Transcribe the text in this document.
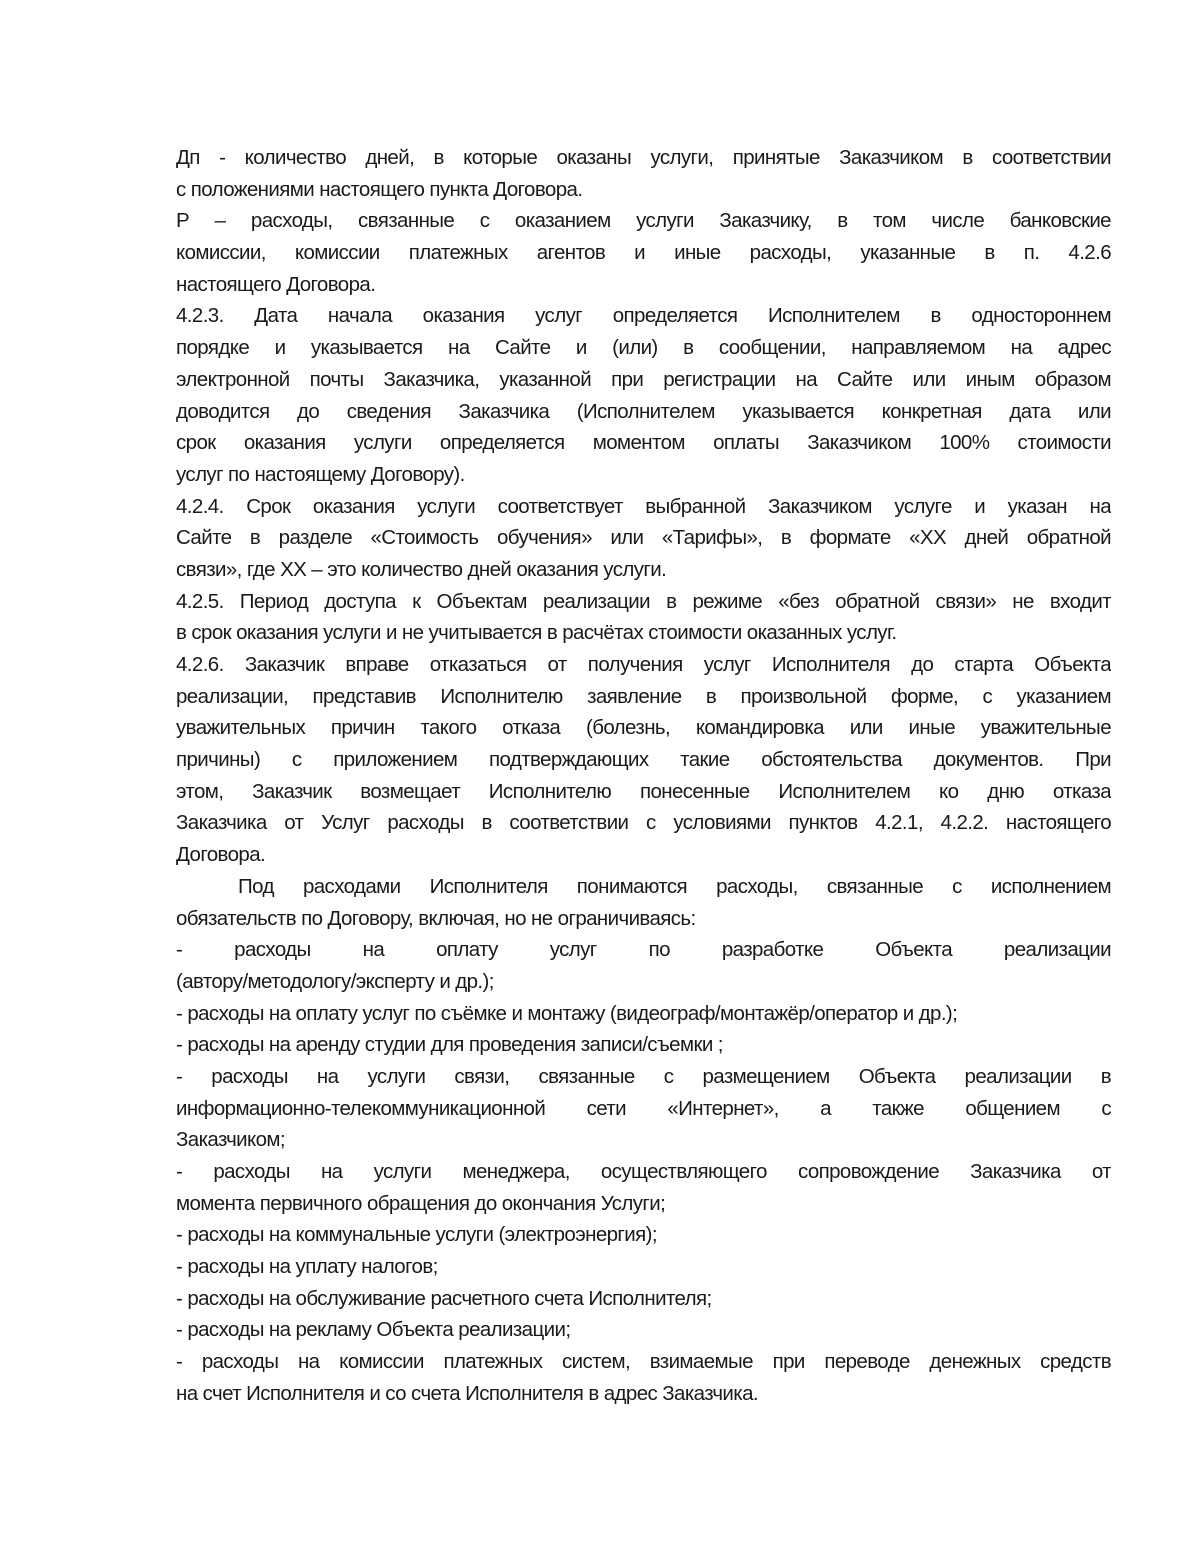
Дп - количество дней, в которые оказаны услуги, принятые Заказчиком в соответствии
с положениями настоящего пункта Договора.
Р – расходы, связанные с оказанием услуги Заказчику, в том числе банковские
комиссии, комиссии платежных агентов и иные расходы, указанные в п. 4.2.6
настоящего Договора.
4.2.3. Дата начала оказания услуг определяется Исполнителем в одностороннем
порядке и указывается на Сайте и (или) в сообщении, направляемом на адрес
электронной почты Заказчика, указанной при регистрации на Сайте или иным образом
доводится до сведения Заказчика (Исполнителем указывается конкретная дата или
срок оказания услуги определяется моментом оплаты Заказчиком 100% стоимости
услуг по настоящему Договору).
4.2.4. Срок оказания услуги соответствует выбранной Заказчиком услуге и указан на
Сайте в разделе «Стоимость обучения» или «Тарифы», в формате «ХХ дней обратной
связи», где ХХ – это количество дней оказания услуги.
4.2.5. Период доступа к Объектам реализации в режиме «без обратной связи» не входит
в срок оказания услуги и не учитывается в расчётах стоимости оказанных услуг.
4.2.6. Заказчик вправе отказаться от получения услуг Исполнителя до старта Объекта
реализации, представив Исполнителю заявление в произвольной форме, с указанием
уважительных причин такого отказа (болезнь, командировка или иные уважительные
причины) с приложением подтверждающих такие обстоятельства документов. При
этом, Заказчик возмещает Исполнителю понесенные Исполнителем ко дню отказа
Заказчика от Услуг расходы в соответствии с условиями пунктов 4.2.1, 4.2.2. настоящего
Договора.
Под расходами Исполнителя понимаются расходы, связанные с исполнением
обязательств по Договору, включая, но не ограничиваясь:
- расходы на оплату услуг по разработке Объекта реализации
(автору/методологу/эксперту и др.);
- расходы на оплату услуг по съёмке и монтажу (видеограф/монтажёр/оператор и др.);
- расходы на аренду студии для проведения записи/съемки ;
- расходы на услуги связи, связанные с размещением Объекта реализации в
информационно-телекоммуникационной сети «Интернет», а также общением с
Заказчиком;
- расходы на услуги менеджера, осуществляющего сопровождение Заказчика от
момента первичного обращения до окончания Услуги;
- расходы на коммунальные услуги (электроэнергия);
- расходы на уплату налогов;
- расходы на обслуживание расчетного счета Исполнителя;
- расходы на рекламу Объекта реализации;
- расходы на комиссии платежных систем, взимаемые при переводе денежных средств
на счет Исполнителя и со счета Исполнителя в адрес Заказчика.
